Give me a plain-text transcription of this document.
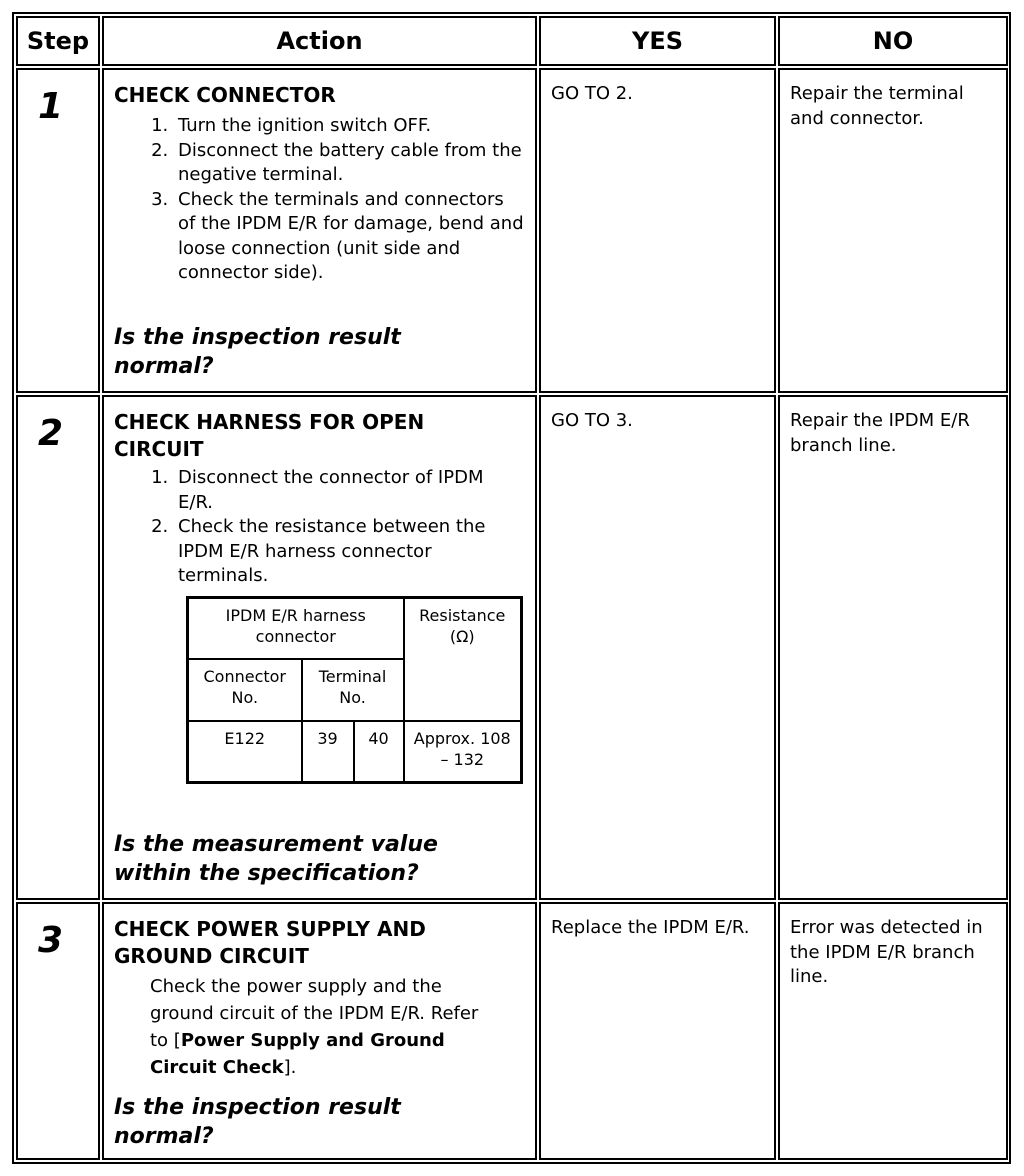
Step	Action	YES	NO
1	CHECK CONNECTOR
1. Turn the ignition switch OFF.
2. Disconnect the battery cable from the negative terminal.
3. Check the terminals and connectors of the IPDM E/R for damage, bend and loose connection (unit side and connector side).
Is the inspection result normal?
GO TO 2.	Repair the terminal and connector.
2	CHECK HARNESS FOR OPEN CIRCUIT
1. Disconnect the connector of IPDM E/R.
2. Check the resistance between the IPDM E/R harness connector terminals.
IPDM E/R harness connector			Resistance (Ω)
Connector No.	Terminal No.		
E122	39	40	Approx. 108 – 132
Is the measurement value within the specification?
GO TO 3.	Repair the IPDM E/R branch line.
3	CHECK POWER SUPPLY AND GROUND CIRCUIT
Check the power supply and the ground circuit of the IPDM E/R. Refer to [Power Supply and Ground Circuit Check].
Is the inspection result normal?
Replace the IPDM E/R.	Error was detected in the IPDM E/R branch line.
